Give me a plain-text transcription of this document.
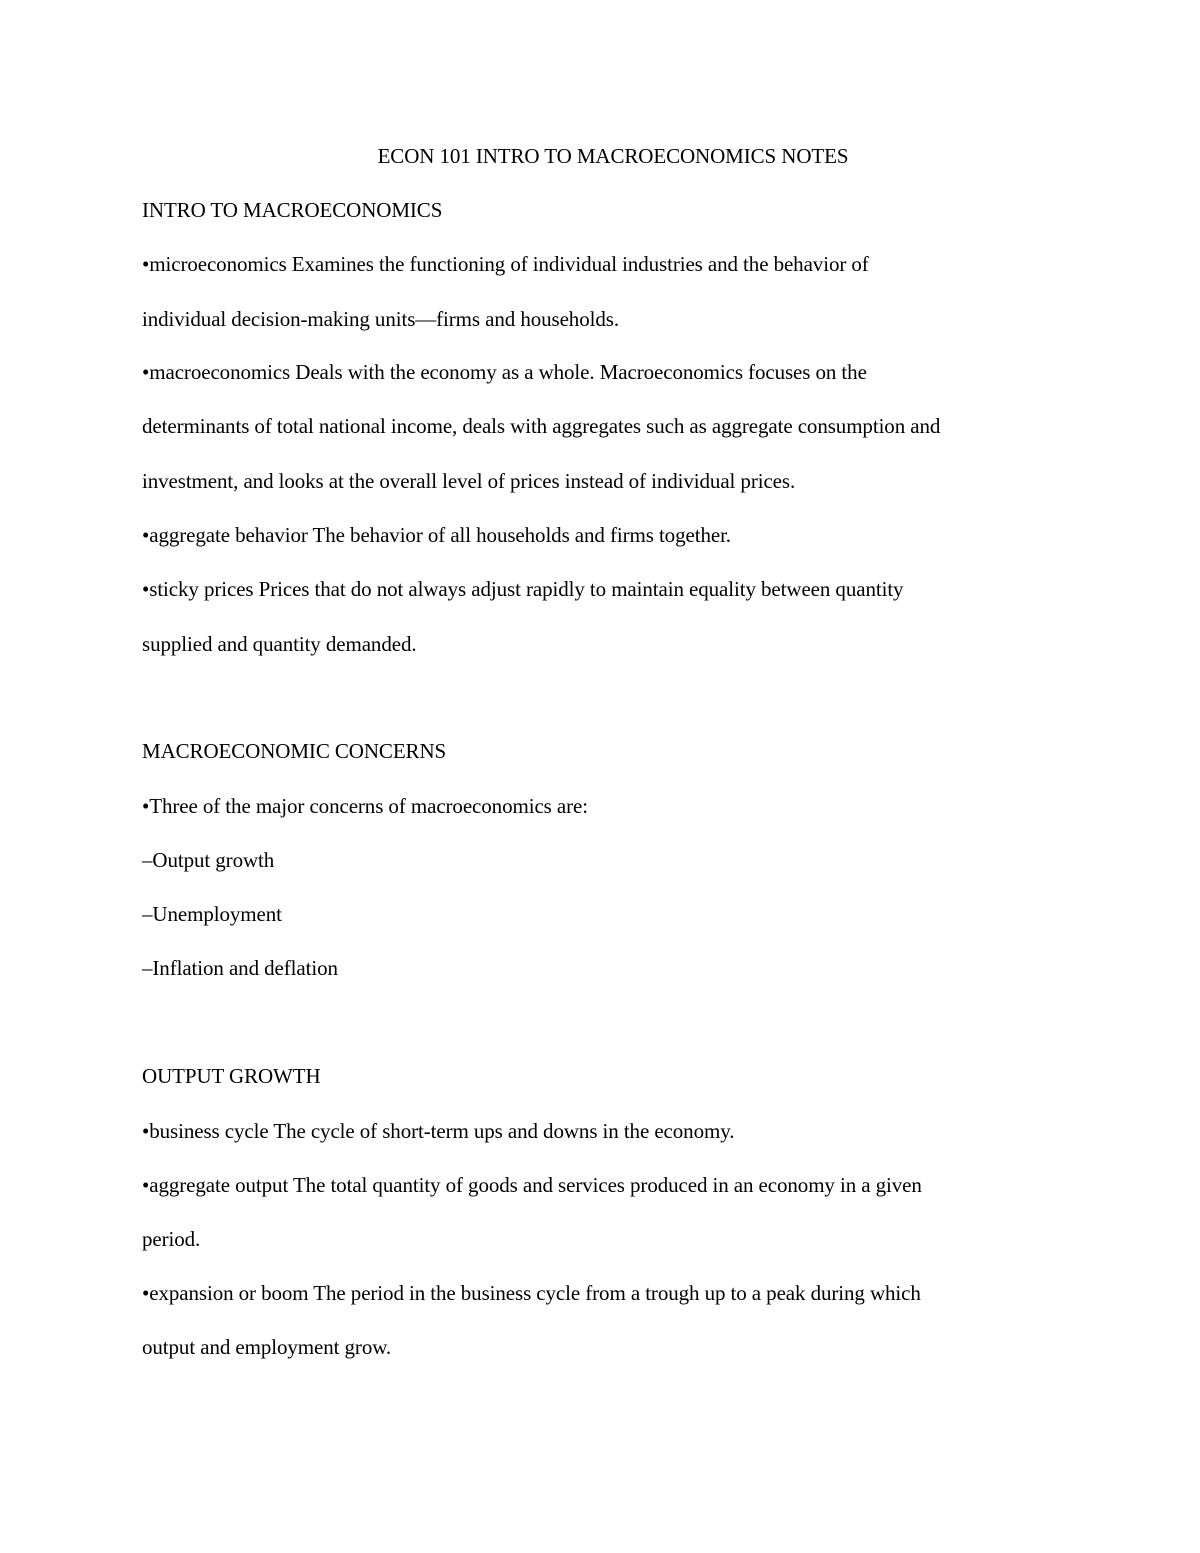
ECON 101 INTRO TO MACROECONOMICS NOTES
INTRO TO MACROECONOMICS
•microeconomics Examines the functioning of individual industries and the behavior of
individual decision-making units—firms and households.
•macroeconomics Deals with the economy as a whole. Macroeconomics focuses on the
determinants of total national income, deals with aggregates such as aggregate consumption and
investment, and looks at the overall level of prices instead of individual prices.
•aggregate behavior The behavior of all households and firms together.
•sticky prices Prices that do not always adjust rapidly to maintain equality between quantity
supplied and quantity demanded.
MACROECONOMIC CONCERNS
•Three of the major concerns of macroeconomics are:
–Output growth
–Unemployment
–Inflation and deflation
OUTPUT GROWTH
•business cycle The cycle of short-term ups and downs in the economy.
•aggregate output The total quantity of goods and services produced in an economy in a given
period.
•expansion or boom The period in the business cycle from a trough up to a peak during which
output and employment grow.
